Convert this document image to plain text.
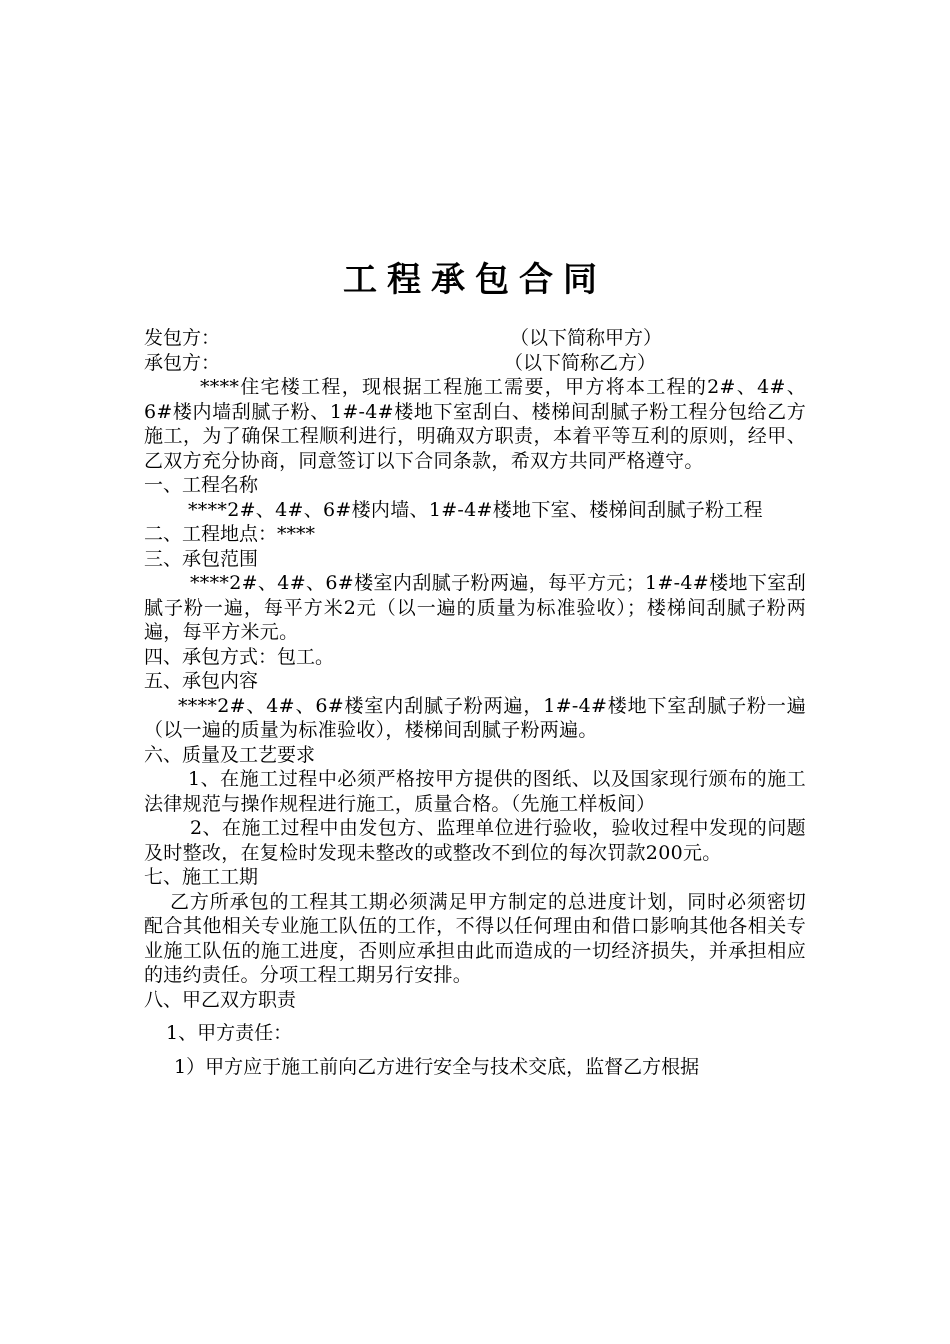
工程承包合同
发包方：	（以下简称甲方）
承包方：	（以下简称乙方）
****住宅楼工程，现根据工程施工需要，甲方将本工程的2#、4#、6#楼内墙刮腻子粉、1#-4#楼地下室刮白、楼梯间刮腻子粉工程分包给乙方施工，为了确保工程顺利进行，明确双方职责，本着平等互利的原则，经甲、乙双方充分协商，同意签订以下合同条款，希双方共同严格遵守。
一、工程名称
****2#、4#、6#楼内墙、1#-4#楼地下室、楼梯间刮腻子粉工程
二、工程地点：****
三、承包范围
****2#、4#、6#楼室内刮腻子粉两遍，每平方元；1#-4#楼地下室刮腻子粉一遍，每平方米2元（以一遍的质量为标准验收）；楼梯间刮腻子粉两遍，每平方米元。
四、承包方式：包工。
五、承包内容
****2#、4#、6#楼室内刮腻子粉两遍，1#-4#楼地下室刮腻子粉一遍（以一遍的质量为标准验收），楼梯间刮腻子粉两遍。
六、质量及工艺要求
1、在施工过程中必须严格按甲方提供的图纸、以及国家现行颁布的施工法律规范与操作规程进行施工，质量合格。（先施工样板间）
2、在施工过程中由发包方、监理单位进行验收，验收过程中发现的问题及时整改，在复检时发现未整改的或整改不到位的每次罚款200元。
七、施工工期
乙方所承包的工程其工期必须满足甲方制定的总进度计划，同时必须密切配合其他相关专业施工队伍的工作，不得以任何理由和借口影响其他各相关专业施工队伍的施工进度，否则应承担由此而造成的一切经济损失，并承担相应的违约责任。分项工程工期另行安排。
八、甲乙双方职责
1、甲方责任：
1）甲方应于施工前向乙方进行安全与技术交底，监督乙方根据
